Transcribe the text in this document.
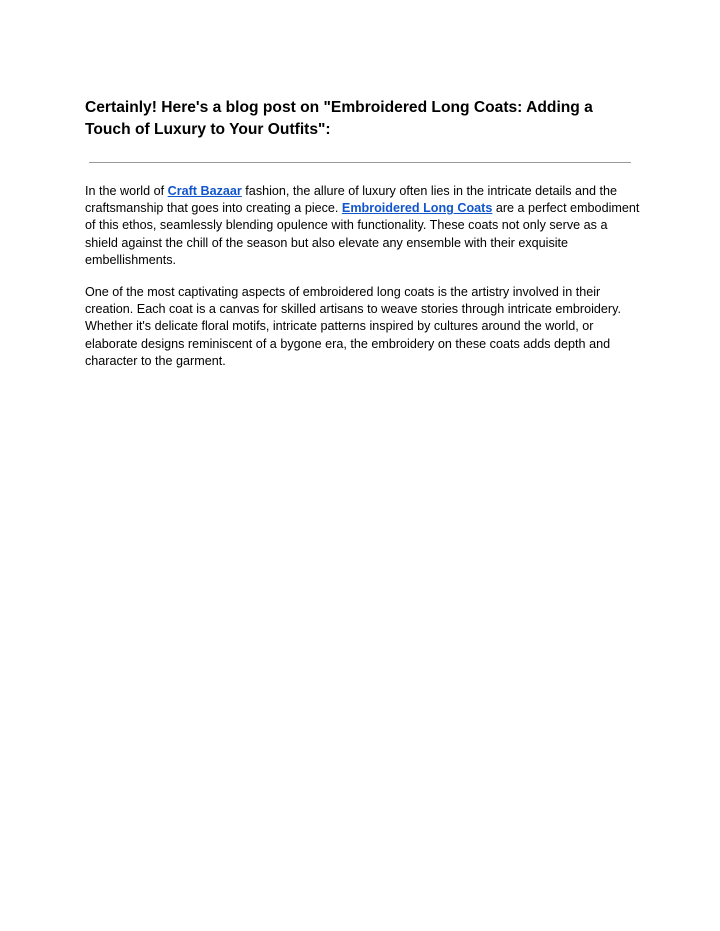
Certainly! Here's a blog post on "Embroidered Long Coats: Adding a Touch of Luxury to Your Outfits":

In the world of Craft Bazaar fashion, the allure of luxury often lies in the intricate details and the craftsmanship that goes into creating a piece. Embroidered Long Coats are a perfect embodiment of this ethos, seamlessly blending opulence with functionality. These coats not only serve as a shield against the chill of the season but also elevate any ensemble with their exquisite embellishments.

One of the most captivating aspects of embroidered long coats is the artistry involved in their creation. Each coat is a canvas for skilled artisans to weave stories through intricate embroidery. Whether it's delicate floral motifs, intricate patterns inspired by cultures around the world, or elaborate designs reminiscent of a bygone era, the embroidery on these coats adds depth and character to the garment.
